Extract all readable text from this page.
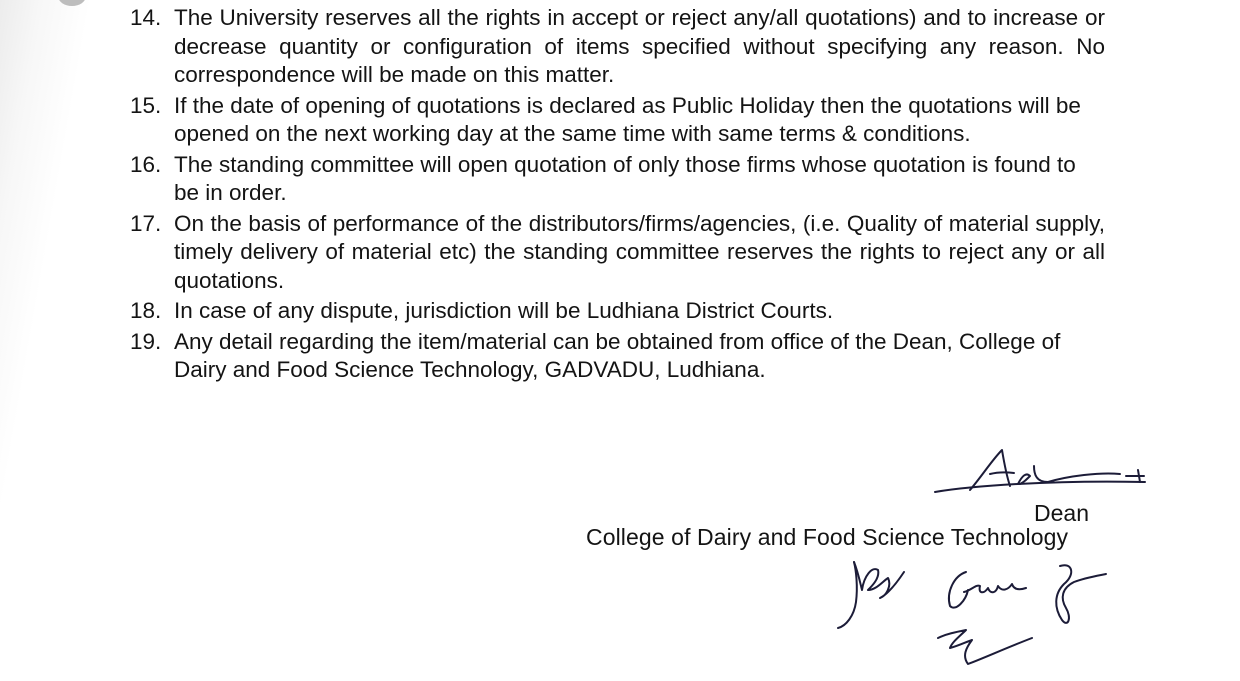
14. The University reserves all the rights in accept or reject any/all quotations) and to increase or decrease quantity or configuration of items specified without specifying any reason. No correspondence will be made on this matter.
15. If the date of opening of quotations is declared as Public Holiday then the quotations will be opened on the next working day at the same time with same terms & conditions.
16. The standing committee will open quotation of only those firms whose quotation is found to be in order.
17. On the basis of performance of the distributors/firms/agencies, (i.e. Quality of material supply, timely delivery of material etc) the standing committee reserves the rights to reject any or all quotations.
18. In case of any dispute, jurisdiction will be Ludhiana District Courts.
19. Any detail regarding the item/material can be obtained from office of the Dean, College of Dairy and Food Science Technology, GADVADU, Ludhiana.
Dean
College of Dairy and Food Science Technology
